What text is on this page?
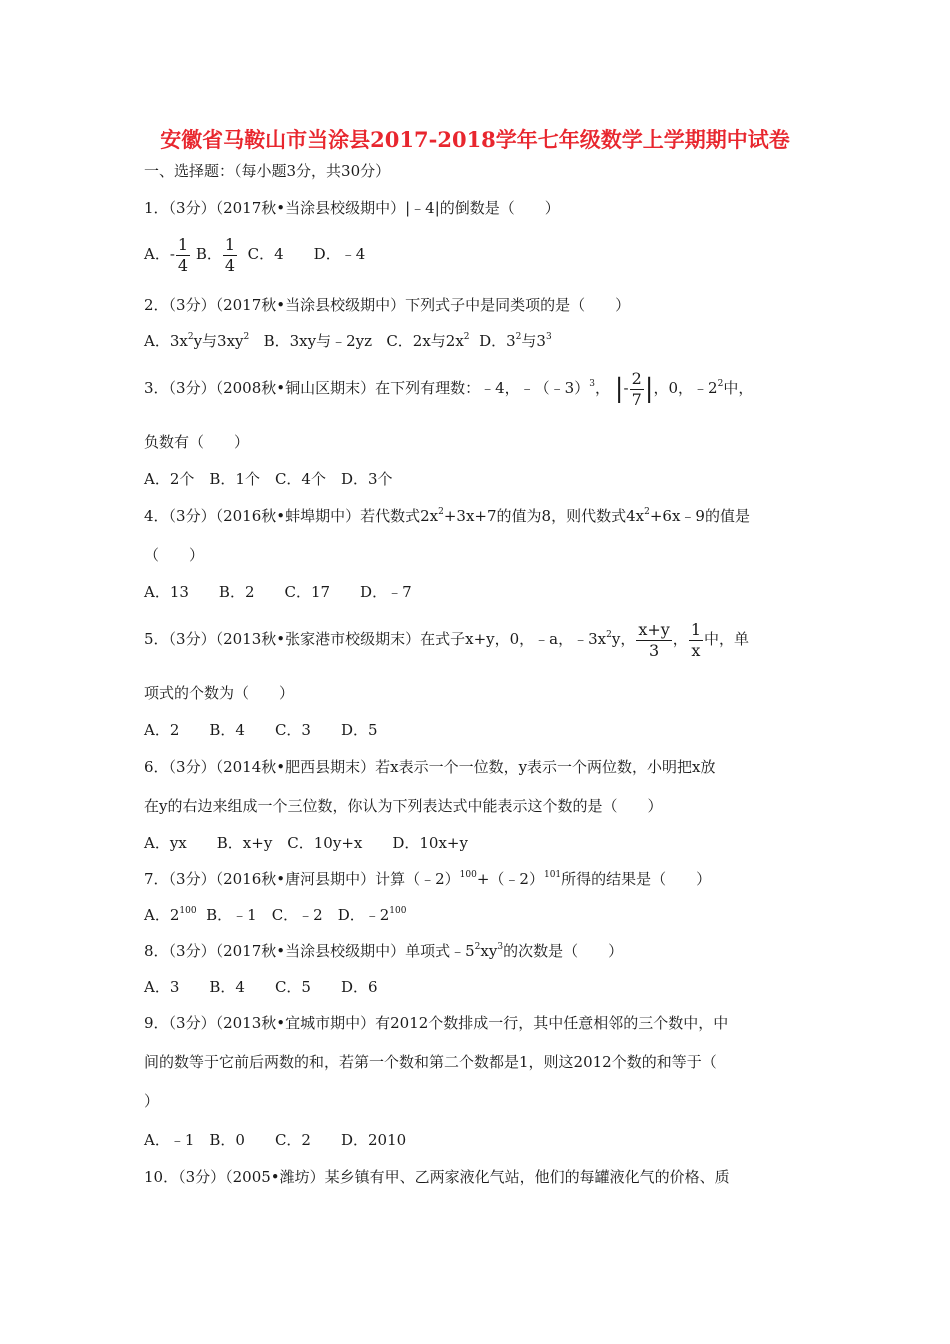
安徽省马鞍山市当涂县2017-2018学年七年级数学上学期期中试卷
一、选择题：（每小题3分，共30分）
1．（3分）（2017秋•当涂县校级期中）|﹣4|的倒数是（　　）
A．- $\frac{1}{4}$ B． $\frac{1}{4}$ C．4　　D．﹣4
2．（3分）（2017秋•当涂县校级期中）下列式子中是同类项的是（　　）
A．$3x^2y$与$3xy^2$ B．3xy与﹣2yz C．2x与$2x^2$ D．$3^2$与$3^3$
3．（3分）（2008秋•铜山区期末）在下列有理数：﹣4，﹣（﹣3）$^3$， |- $\frac{2}{7}$ |，0，$﹣2^2$中，
负数有（　　）
A．2个　B．1个　C．4个　D．3个
4．（3分）（2016秋•蚌埠期中）若代数式$2x^2+3x+7$的值为8，则代数式$4x^2+6x﹣9$的值是
（　　）
A．13　　B．2　　C．17　　D．﹣7
5．（3分）（2013秋•张家港市校级期末）在式子x+y，0，﹣a，$﹣3x^2y$， $\frac{x+y}{3}$ ， $\frac{1}{x}$ 中，单
项式的个数为（　　）
A．2　　B．4　　C．3　　D．5
6．（3分）（2014秋•肥西县期末）若x表示一个一位数，y表示一个两位数，小明把x放
在y的右边来组成一个三位数，你认为下列表达式中能表示这个数的是（　　）
A．yx　　B．x+y　C．10y+x　　D．10x+y
7．（3分）（2016秋•唐河县期中）计算（﹣2）$^{100}$+（﹣2）$^{101}$所得的结果是（　　）
A．$2^{100}$ B．﹣1　C．﹣2　D．$﹣2^{100}$
8．（3分）（2017秋•当涂县校级期中）单项式$﹣5^2xy^3$的次数是（　　）
A．3　　B．4　　C．5　　D．6
9．（3分）（2013秋•宜城市期中）有2012个数排成一行，其中任意相邻的三个数中，中
间的数等于它前后两数的和，若第一个数和第二个数都是1，则这2012个数的和等于（
）
A．﹣1　B．0　　C．2　　D．2010
10．（3分）（2005•潍坊）某乡镇有甲、乙两家液化气站，他们的每罐液化气的价格、质
